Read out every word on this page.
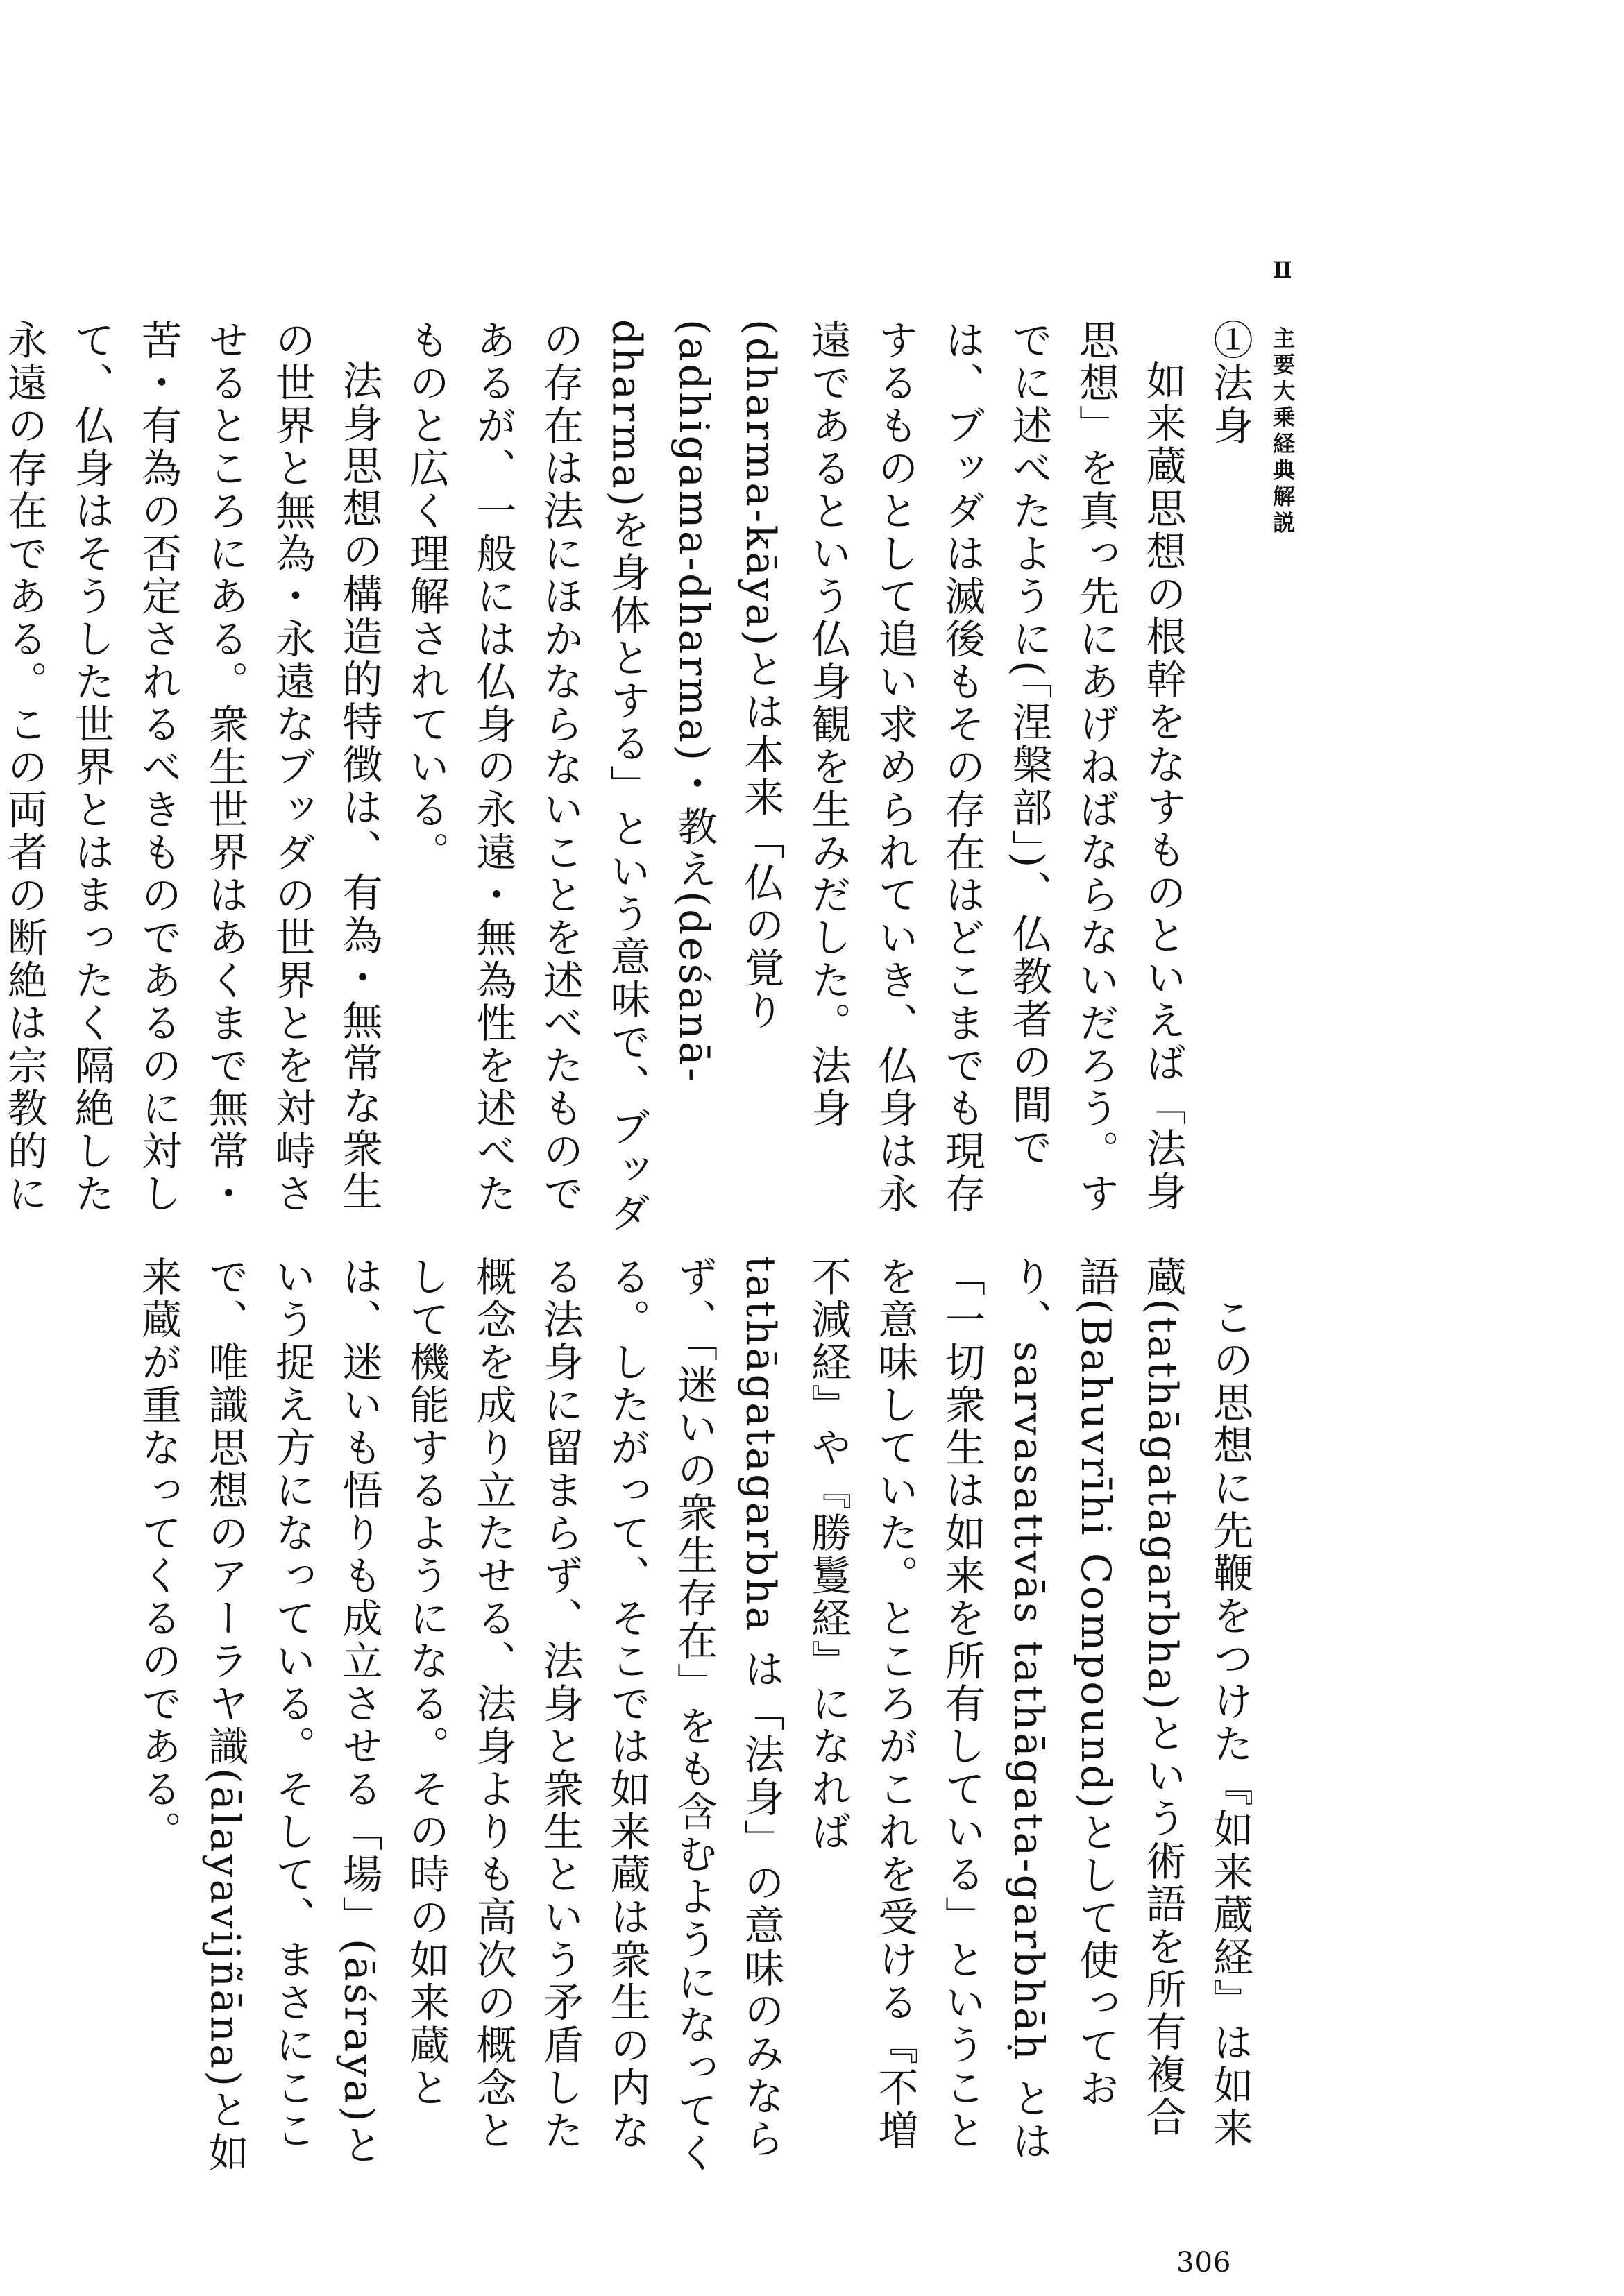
Ⅱ 主要大乗経典解説
①法身

如来蔵思想の根幹をなすものといえば「法身思想」を真っ先にあげねばならないだろう。すでに述べたように(「涅槃部」)、仏教者の間では、ブッダは滅後もその存在はどこまでも現存するものとして追い求められていき、仏身は永遠であるという仏身観を生みだした。法身(dharma-kāya)とは本来「仏の覚り(adhigama-dharma)・教え(deśanā-dharma)を身体とする」という意味で、ブッダの存在は法にほかならないことを述べたものであるが、一般には仏身の永遠・無為性を述べたものと広く理解されている。

法身思想の構造的特徴は、有為・無常な衆生の世界と無為・永遠なブッダの世界とを対峙させるところにある。衆生世界はあくまで無常・苦・有為の否定されるべきものであるのに対して、仏身はそうした世界とはまったく隔絶した永遠の存在である。この両者の断絶は宗教的に

この思想に先鞭をつけた『如来蔵経』は如来蔵(tathāgatagarbha)という術語を所有複合語(Bahuvrīhi Compound)として使っており、sarvasattvās tathāgata-garbhāḥ とは「一切衆生は如来を所有している」ということを意味していた。ところがこれを受ける『不増不減経』や『勝鬘経』になれば tathāgatagarbha は「法身」の意味のみならず、「迷いの衆生存在」をも含むようになってくる。したがって、そこでは如来蔵は衆生の内なる法身に留まらず、法身と衆生という矛盾した概念を成り立たせる、法身よりも高次の概念として機能するようになる。その時の如来蔵とは、迷いも悟りも成立させる「場」(āśraya)という捉え方になっている。そして、まさにここで、唯識思想のアーラヤ識(ālayavijñāna)と如来蔵が重なってくるのである。

306
